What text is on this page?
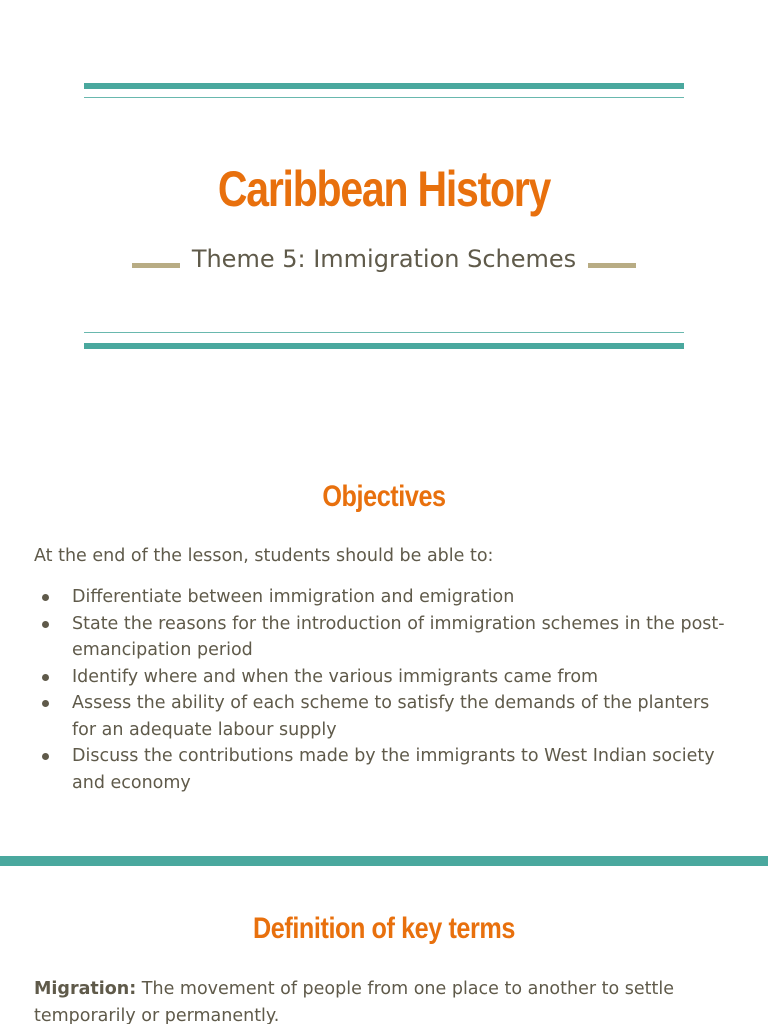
Caribbean History
Theme 5: Immigration Schemes
Objectives
At the end of the lesson, students should be able to:
Differentiate between immigration and emigration
State the reasons for the introduction of immigration schemes in the post- emancipation period
Identify where and when the various immigrants came from
Assess the ability of each scheme to satisfy the demands of the planters for an adequate labour supply
Discuss the contributions made by the immigrants to West Indian society and economy
Definition of key terms
Migration: The movement of people from one place to another to settle temporarily or permanently.
